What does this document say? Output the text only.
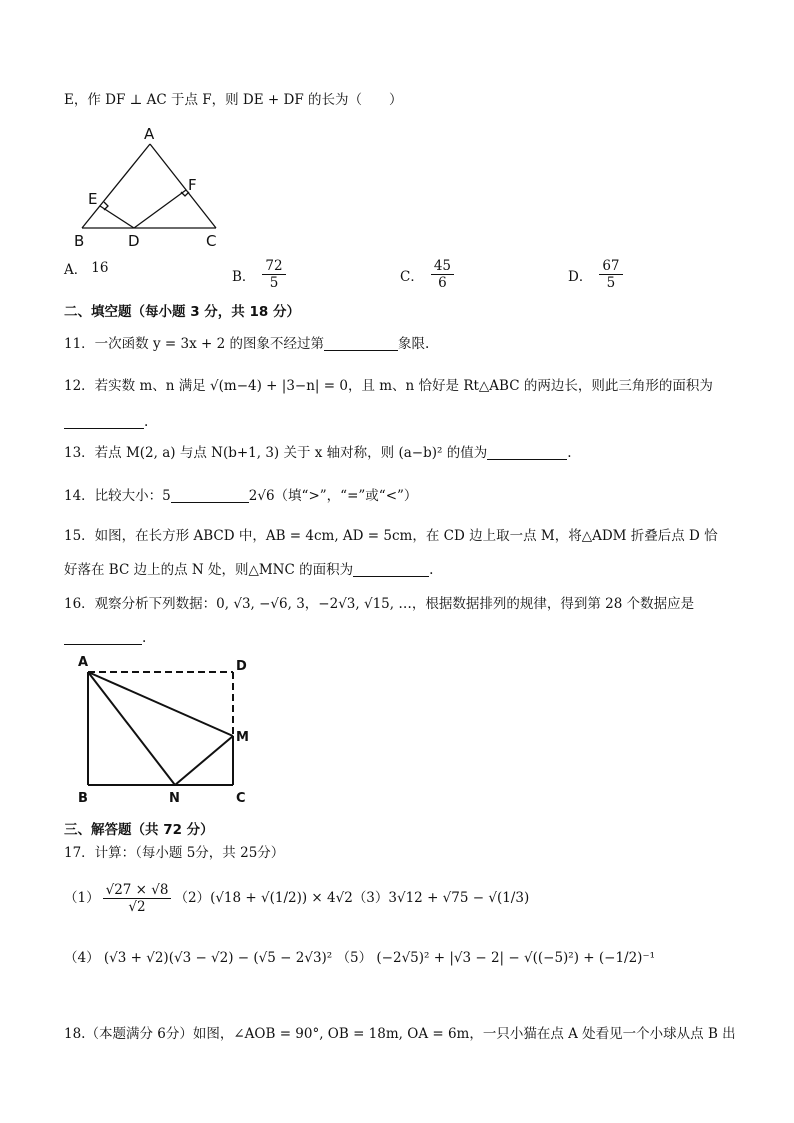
E，作 DF ⊥ AC 于点 F，则 DE + DF 的长为（　　）
A
E
F
B	D	C
A． 16
B． $\frac{72}{5}$	C． $\frac{45}{6}$	D． $\frac{67}{5}$
二、填空题（每小题 3 分，共 18 分）
11．一次函数 y = 3x + 2 的图象不经过第	象限.
12．若实数 m、n 满足 √(m−4) + |3−n| = 0，且 m、n 恰好是 Rt△ABC 的两边长，则此三角形的面积为
.
13．若点 M(2, a) 与点 N(b+1, 3) 关于 x 轴对称，则 (a−b)² 的值为	.
14．比较大小：5	2√6（填“>”，“=”或“<”）
15．如图，在长方形 ABCD 中，AB = 4cm, AD = 5cm，在 CD 边上取一点 M，将△ADM 折叠后点 D 恰
好落在 BC 边上的点 N 处，则△MNC 的面积为	.
16．观察分析下列数据：0, √3, −√6, 3，−2√3, √15, …，根据数据排列的规律，得到第 28 个数据应是
.
A	D
M
B	N	C
三、解答题（共 72 分）
17．计算：（每小题 5分，共 25分）
$(1) \frac{√27 \times √8}{√2} (2) (√18 + √(1/2)) \times 4√2$ （3） 3√12 + √75 − √(1/3)
（4） (√3 + √2)(√3 − √2) − (√5 − 2√3)² （5） (−2√5)² + |√3 − 2| − √((−5)²) + (−1/2)⁻¹
18.（本题满分 6分）如图，∠AOB = 90°, OB = 18m, OA = 6m，一只小猫在点 A 处看见一个小球从点 B 出
